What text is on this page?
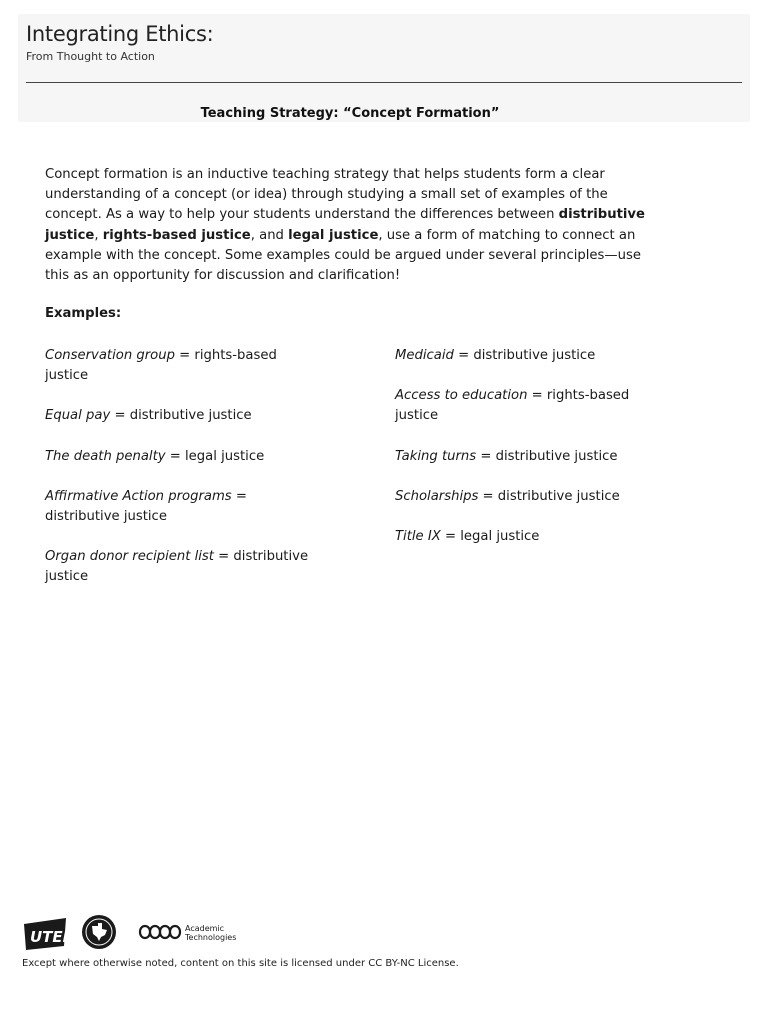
Integrating Ethics:
From Thought to Action
Teaching Strategy: “Concept Formation”
Concept formation is an inductive teaching strategy that helps students form a clear understanding of a concept (or idea) through studying a small set of examples of the concept. As a way to help your students understand the differences between distributive justice, rights-based justice, and legal justice, use a form of matching to connect an example with the concept. Some examples could be argued under several principles—use this as an opportunity for discussion and clarification!
Examples:
Conservation group = rights-based justice
Equal pay = distributive justice
The death penalty = legal justice
Affirmative Action programs = distributive justice
Organ donor recipient list = distributive justice
Medicaid = distributive justice
Access to education = rights-based justice
Taking turns = distributive justice
Scholarships = distributive justice
Title IX = legal justice
UTEP	Academic
Technologies
Except where otherwise noted, content on this site is licensed under CC BY-NC License.
